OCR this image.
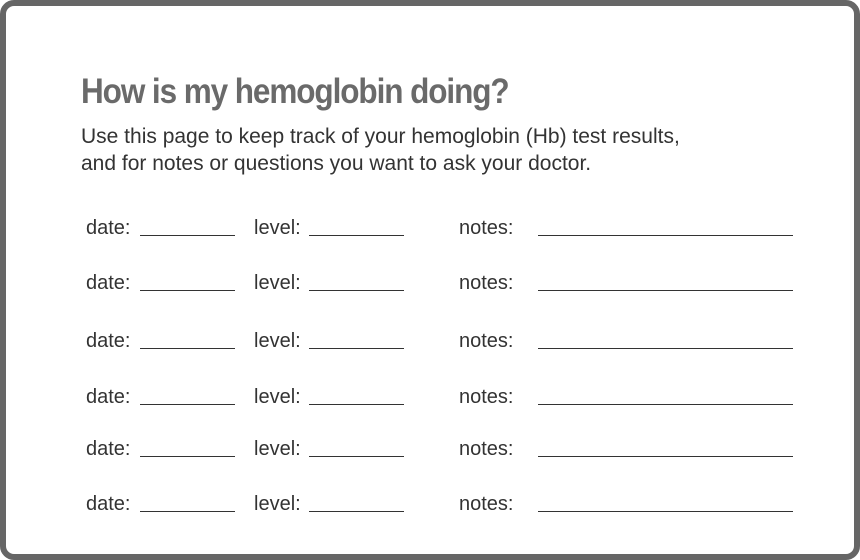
How is my hemoglobin doing?
Use this page to keep track of your hemoglobin (Hb) test results,
and for notes or questions you want to ask your doctor.
date:	level:	notes:
date:	level:	notes:
date:	level:	notes:
date:	level:	notes:
date:	level:	notes:
date:	level:	notes:
